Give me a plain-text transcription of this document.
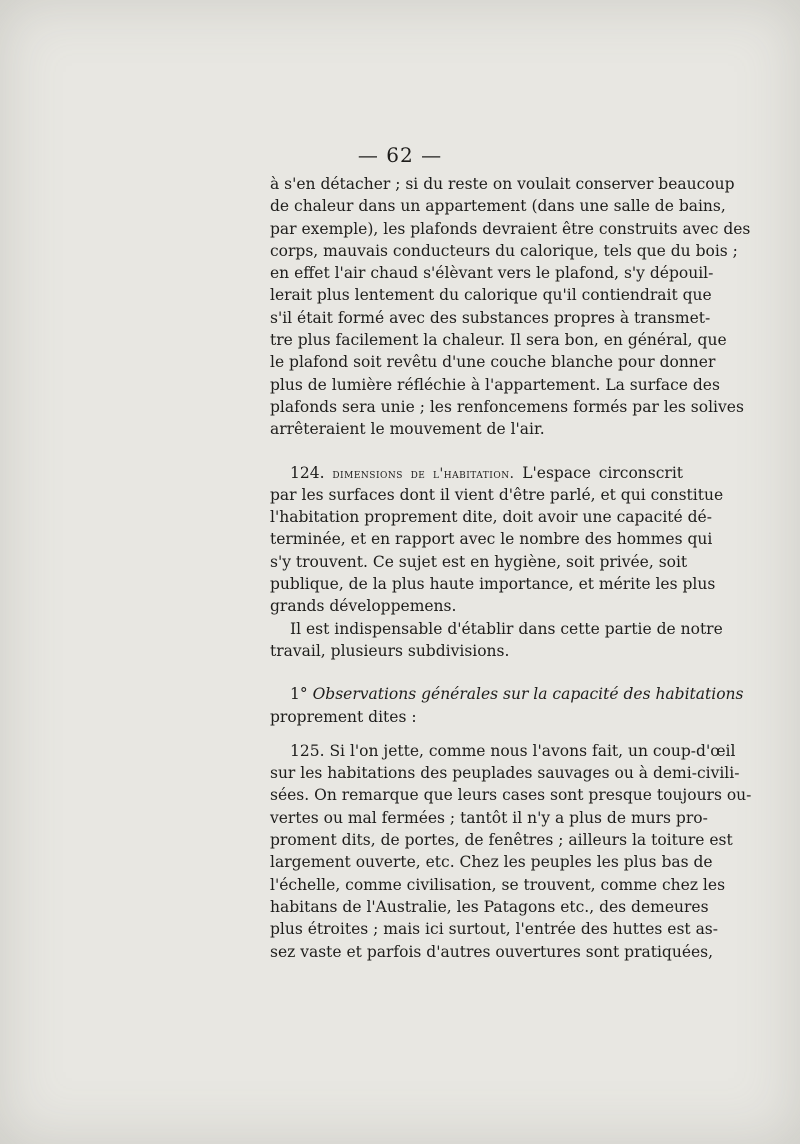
— 62 —
à s'en détacher ; si du reste on voulait conserver beaucoup
de chaleur dans un appartement (dans une salle de bains,
par exemple), les plafonds devraient être construits avec des
corps, mauvais conducteurs du calorique, tels que du bois ;
en effet l'air chaud s'élèvant vers le plafond, s'y dépouil-
lerait plus lentement du calorique qu'il contiendrait que
s'il était formé avec des substances propres à transmet-
tre plus facilement la chaleur. Il sera bon, en général, que
le plafond soit revêtu d'une couche blanche pour donner
plus de lumière réfléchie à l'appartement. La surface des
plafonds sera unie ; les renfoncemens formés par les solives
arrêteraient le mouvement de l'air.
124. dimensions de l'habitation. L'espace circonscrit
par les surfaces dont il vient d'être parlé, et qui constitue
l'habitation proprement dite, doit avoir une capacité dé-
terminée, et en rapport avec le nombre des hommes qui
s'y trouvent. Ce sujet est en hygiène, soit privée, soit
publique, de la plus haute importance, et mérite les plus
grands développemens.
Il est indispensable d'établir dans cette partie de notre
travail, plusieurs subdivisions.
1° Observations générales sur la capacité des habitations
proprement dites :
125. Si l'on jette, comme nous l'avons fait, un coup-d'œil
sur les habitations des peuplades sauvages ou à demi-civili-
sées. On remarque que leurs cases sont presque toujours ou-
vertes ou mal fermées ; tantôt il n'y a plus de murs pro-
proment dits, de portes, de fenêtres ; ailleurs la toiture est
largement ouverte, etc. Chez les peuples les plus bas de
l'échelle, comme civilisation, se trouvent, comme chez les
habitans de l'Australie, les Patagons etc., des demeures
plus étroites ; mais ici surtout, l'entrée des huttes est as-
sez vaste et parfois d'autres ouvertures sont pratiquées,
